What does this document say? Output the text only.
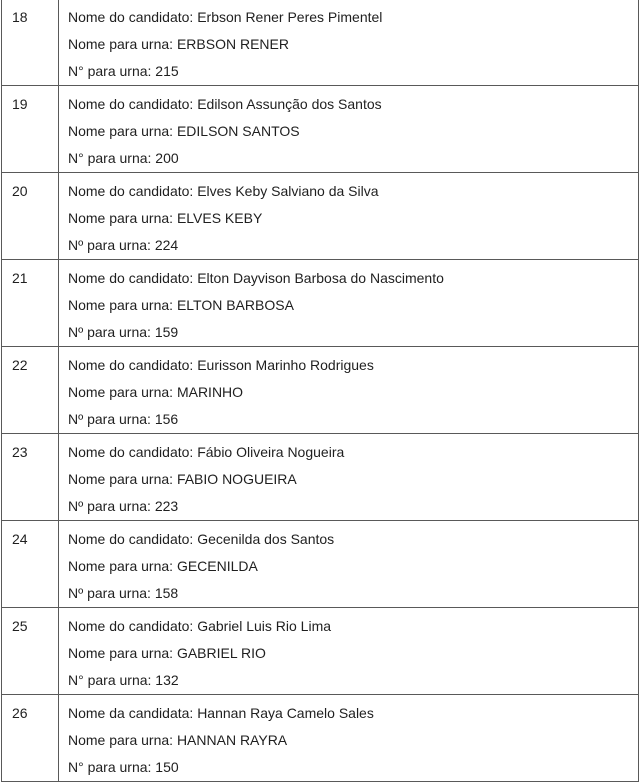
18	Nome do candidato: Erbson Rener Peres Pimentel
Nome para urna: ERBSON RENER
N° para urna: 215

19	Nome do candidato: Edilson Assunção dos Santos
Nome para urna: EDILSON SANTOS
N° para urna: 200

20	Nome do candidato: Elves Keby Salviano da Silva
Nome para urna: ELVES KEBY
Nº para urna: 224

21	Nome do candidato: Elton Dayvison Barbosa do Nascimento
Nome para urna: ELTON BARBOSA
Nº para urna: 159

22	Nome do candidato: Eurisson Marinho Rodrigues
Nome para urna: MARINHO
Nº para urna: 156

23	Nome do candidato: Fábio Oliveira Nogueira
Nome para urna: FABIO NOGUEIRA
Nº para urna: 223

24	Nome do candidato: Gecenilda dos Santos
Nome para urna: GECENILDA
Nº para urna: 158

25	Nome do candidato: Gabriel Luis Rio Lima
Nome para urna: GABRIEL RIO
N° para urna: 132

26	Nome da candidata: Hannan Raya Camelo Sales
Nome para urna: HANNAN RAYRA
N° para urna: 150
